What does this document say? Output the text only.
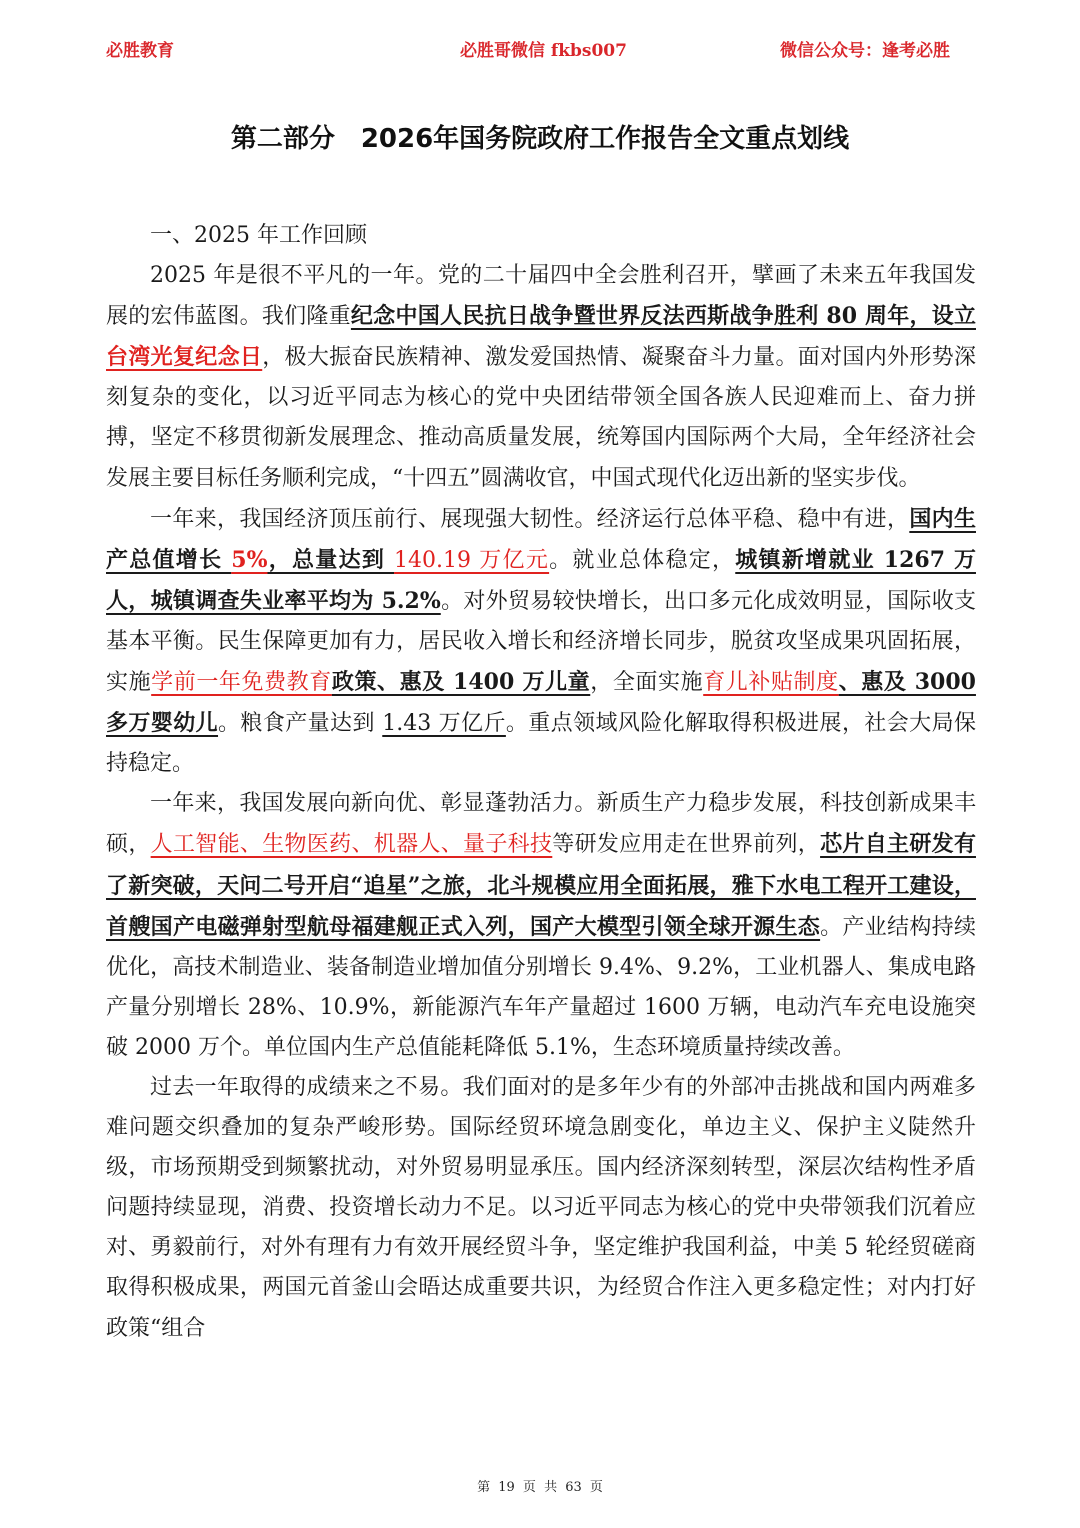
必胜教育	必胜哥微信 fkbs007	微信公众号：逢考必胜
第二部分　2026年国务院政府工作报告全文重点划线

一、2025 年工作回顾

2025 年是很不平凡的一年。党的二十届四中全会胜利召开，擘画了未来五年我国发展的宏伟蓝图。我们隆重纪念中国人民抗日战争暨世界反法西斯战争胜利 80 周年，设立台湾光复纪念日，极大振奋民族精神、激发爱国热情、凝聚奋斗力量。面对国内外形势深刻复杂的变化，以习近平同志为核心的党中央团结带领全国各族人民迎难而上、奋力拼搏，坚定不移贯彻新发展理念、推动高质量发展，统筹国内国际两个大局，全年经济社会发展主要目标任务顺利完成，“十四五”圆满收官，中国式现代化迈出新的坚实步伐。

一年来，我国经济顶压前行、展现强大韧性。经济运行总体平稳、稳中有进，国内生产总值增长 5%，总量达到 140.19 万亿元。就业总体稳定，城镇新增就业 1267 万人，城镇调查失业率平均为 5.2%。对外贸易较快增长，出口多元化成效明显，国际收支基本平衡。民生保障更加有力，居民收入增长和经济增长同步，脱贫攻坚成果巩固拓展，实施学前一年免费教育政策、惠及 1400 万儿童，全面实施育儿补贴制度、惠及 3000 多万婴幼儿。粮食产量达到 1.43 万亿斤。重点领域风险化解取得积极进展，社会大局保持稳定。

一年来，我国发展向新向优、彰显蓬勃活力。新质生产力稳步发展，科技创新成果丰硕，人工智能、生物医药、机器人、量子科技等研发应用走在世界前列，芯片自主研发有了新突破，天问二号开启“追星”之旅，北斗规模应用全面拓展，雅下水电工程开工建设，首艘国产电磁弹射型航母福建舰正式入列，国产大模型引领全球开源生态。产业结构持续优化，高技术制造业、装备制造业增加值分别增长 9.4%、9.2%，工业机器人、集成电路产量分别增长 28%、10.9%，新能源汽车年产量超过 1600 万辆，电动汽车充电设施突破 2000 万个。单位国内生产总值能耗降低 5.1%，生态环境质量持续改善。

过去一年取得的成绩来之不易。我们面对的是多年少有的外部冲击挑战和国内两难多难问题交织叠加的复杂严峻形势。国际经贸环境急剧变化，单边主义、保护主义陡然升级，市场预期受到频繁扰动，对外贸易明显承压。国内经济深刻转型，深层次结构性矛盾问题持续显现，消费、投资增长动力不足。以习近平同志为核心的党中央带领我们沉着应对、勇毅前行，对外有理有力有效开展经贸斗争，坚定维护我国利益，中美 5 轮经贸磋商取得积极成果，两国元首釜山会晤达成重要共识，为经贸合作注入更多稳定性；对内打好政策“组合

第 19 页 共 63 页
